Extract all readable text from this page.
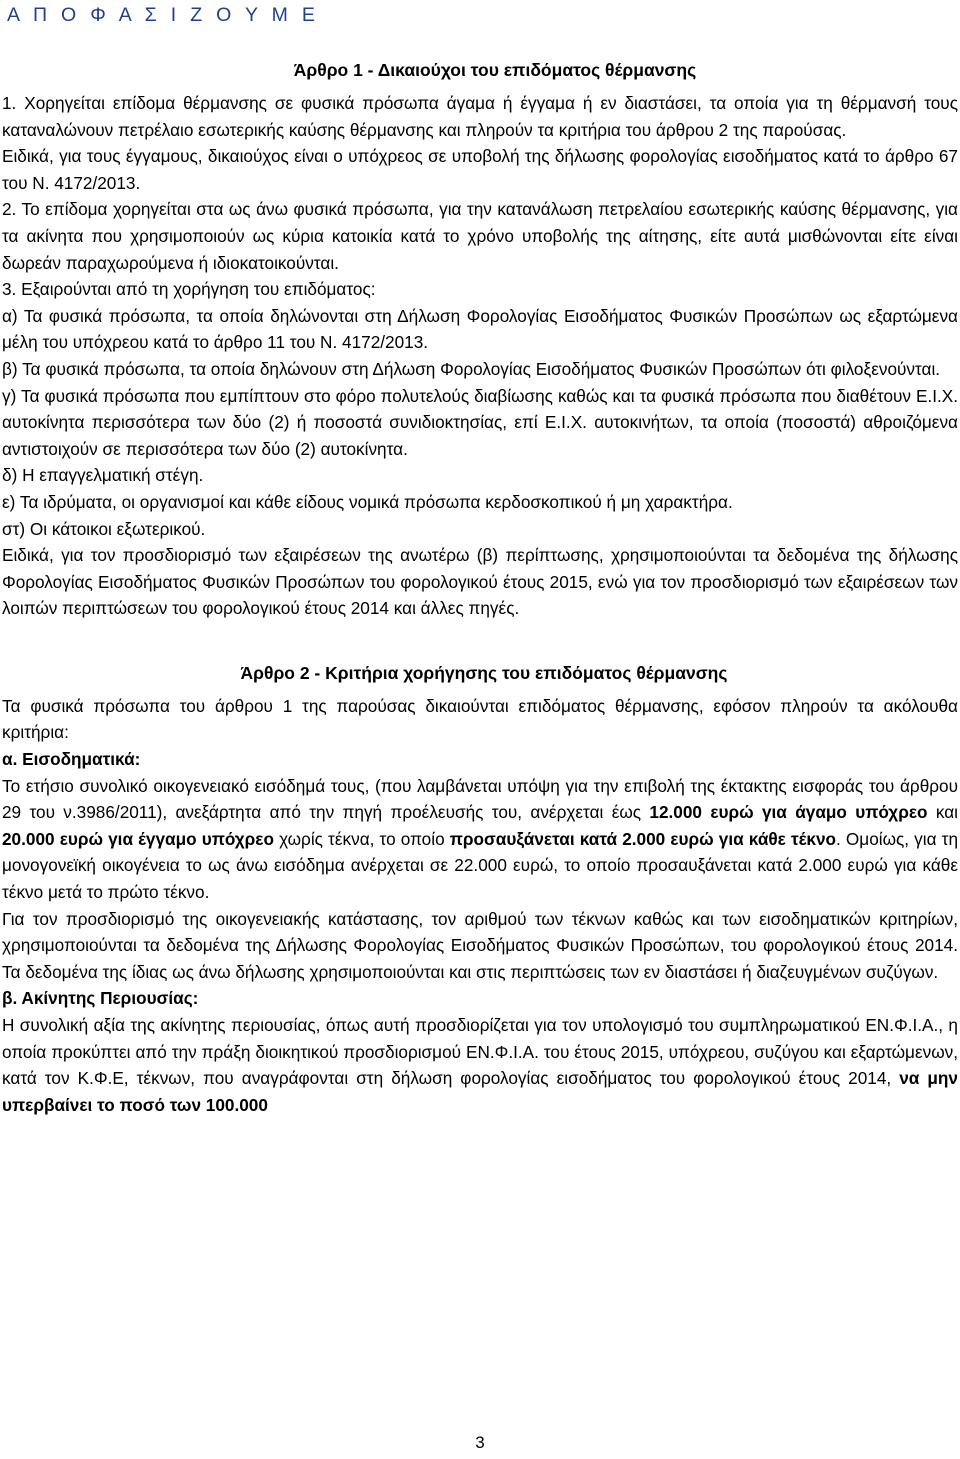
Α Π Ο Φ Α Σ Ι Ζ Ο Υ Μ Ε
Άρθρο 1 - Δικαιούχοι του επιδόματος θέρμανσης

1. Χορηγείται επίδομα θέρμανσης σε φυσικά πρόσωπα άγαμα ή έγγαμα ή εν διαστάσει, τα οποία για τη θέρμανσή τους καταναλώνουν πετρέλαιο εσωτερικής καύσης θέρμανσης και πληρούν τα κριτήρια του άρθρου 2 της παρούσας.

Ειδικά, για τους έγγαμους, δικαιούχος είναι ο υπόχρεος σε υποβολή της δήλωσης φορολογίας εισοδήματος κατά το άρθρο 67 του Ν. 4172/2013.

2. Το επίδομα χορηγείται στα ως άνω φυσικά πρόσωπα, για την κατανάλωση πετρελαίου εσωτερικής καύσης θέρμανσης, για τα ακίνητα που χρησιμοποιούν ως κύρια κατοικία κατά το χρόνο υποβολής της αίτησης, είτε αυτά μισθώνονται είτε είναι δωρεάν παραχωρούμενα ή ιδιοκατοικούνται.

3. Εξαιρούνται από τη χορήγηση του επιδόματος:

α) Τα φυσικά πρόσωπα, τα οποία δηλώνονται στη Δήλωση Φορολογίας Εισοδήματος Φυσικών Προσώπων ως εξαρτώμενα μέλη του υπόχρεου κατά το άρθρο 11 του Ν. 4172/2013.

β) Τα φυσικά πρόσωπα, τα οποία δηλώνουν στη Δήλωση Φορολογίας Εισοδήματος Φυσικών Προσώπων ότι φιλοξενούνται.

γ) Τα φυσικά πρόσωπα που εμπίπτουν στο φόρο πολυτελούς διαβίωσης καθώς και τα φυσικά πρόσωπα που διαθέτουν Ε.Ι.Χ. αυτοκίνητα περισσότερα των δύο (2) ή ποσοστά συνιδιοκτησίας, επί Ε.Ι.Χ. αυτοκινήτων, τα οποία (ποσοστά) αθροιζόμενα αντιστοιχούν σε περισσότερα των δύο (2) αυτοκίνητα.

δ) Η επαγγελματική στέγη.

ε) Τα ιδρύματα, οι οργανισμοί και κάθε είδους νομικά πρόσωπα κερδοσκοπικού ή μη χαρακτήρα.

στ) Οι κάτοικοι εξωτερικού.

Ειδικά, για τον προσδιορισμό των εξαιρέσεων της ανωτέρω (β) περίπτωσης, χρησιμοποιούνται τα δεδομένα της δήλωσης Φορολογίας Εισοδήματος Φυσικών Προσώπων του φορολογικού έτους 2015, ενώ για τον προσδιορισμό των εξαιρέσεων των λοιπών περιπτώσεων του φορολογικού έτους 2014 και άλλες πηγές.

Άρθρο 2 - Κριτήρια χορήγησης του επιδόματος θέρμανσης

Τα φυσικά πρόσωπα του άρθρου 1 της παρούσας δικαιούνται επιδόματος θέρμανσης, εφόσον πληρούν τα ακόλουθα κριτήρια:

α. Εισοδηματικά:

Το ετήσιο συνολικό οικογενειακό εισόδημά τους, (που λαμβάνεται υπόψη για την επιβολή της έκτακτης εισφοράς του άρθρου 29 του ν.3986/2011), ανεξάρτητα από την πηγή προέλευσής του, ανέρχεται έως 12.000 ευρώ για άγαμο υπόχρεο και 20.000 ευρώ για έγγαμο υπόχρεο χωρίς τέκνα, το οποίο προσαυξάνεται κατά 2.000 ευρώ για κάθε τέκνο. Ομοίως, για τη μονογονεϊκή οικογένεια το ως άνω εισόδημα ανέρχεται σε 22.000 ευρώ, το οποίο προσαυξάνεται κατά 2.000 ευρώ για κάθε τέκνο μετά το πρώτο τέκνο.

Για τον προσδιορισμό της οικογενειακής κατάστασης, τον αριθμού των τέκνων καθώς και των εισοδηματικών κριτηρίων, χρησιμοποιούνται τα δεδομένα της Δήλωσης Φορολογίας Εισοδήματος Φυσικών Προσώπων, του φορολογικού έτους 2014. Τα δεδομένα της ίδιας ως άνω δήλωσης χρησιμοποιούνται και στις περιπτώσεις των εν διαστάσει ή διαζευγμένων συζύγων.

β. Ακίνητης Περιουσίας:

Η συνολική αξία της ακίνητης περιουσίας, όπως αυτή προσδιορίζεται για τον υπολογισμό του συμπληρωματικού ΕΝ.Φ.Ι.Α., η οποία προκύπτει από την πράξη διοικητικού προσδιορισμού ΕΝ.Φ.Ι.Α. του έτους 2015, υπόχρεου, συζύγου και εξαρτώμενων, κατά τον Κ.Φ.Ε, τέκνων, που αναγράφονται στη δήλωση φορολογίας εισοδήματος του φορολογικού έτους 2014, να μην υπερβαίνει το ποσό των 100.000

3
